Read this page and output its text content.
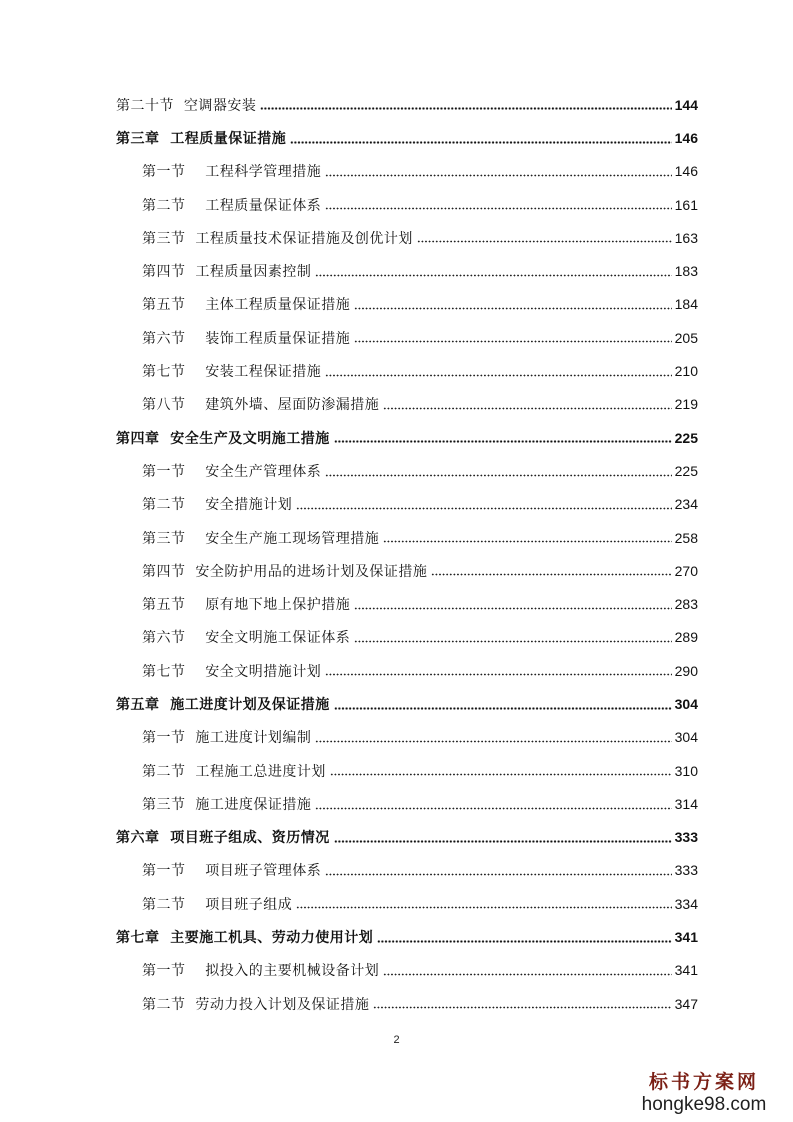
第二十节  空调器安装	144
第三章  工程质量保证措施	146
第一节    工程科学管理措施	146
第二节    工程质量保证体系	161
第三节  工程质量技术保证措施及创优计划	163
第四节  工程质量因素控制	183
第五节    主体工程质量保证措施	184
第六节    装饰工程质量保证措施	205
第七节    安装工程保证措施	210
第八节    建筑外墙、屋面防渗漏措施	219
第四章  安全生产及文明施工措施	225
第一节    安全生产管理体系	225
第二节    安全措施计划	234
第三节    安全生产施工现场管理措施	258
第四节  安全防护用品的进场计划及保证措施	270
第五节    原有地下地上保护措施	283
第六节    安全文明施工保证体系	289
第七节    安全文明措施计划	290
第五章  施工进度计划及保证措施	304
第一节  施工进度计划编制	304
第二节  工程施工总进度计划	310
第三节  施工进度保证措施	314
第六章  项目班子组成、资历情况	333
第一节    项目班子管理体系	333
第二节    项目班子组成	334
第七章  主要施工机具、劳动力使用计划	341
第一节    拟投入的主要机械设备计划	341
第二节  劳动力投入计划及保证措施	347
2
标书方案网
hongke98.com
